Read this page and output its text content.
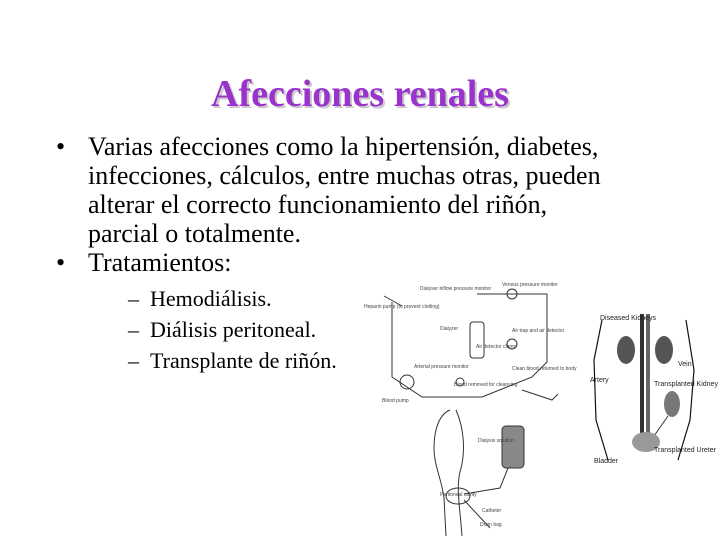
Afecciones renales
• Varias afecciones como la hipertensión, diabetes, infecciones, cálculos, entre muchas otras, pueden alterar el correcto funcionamiento del riñón, parcial o totalmente.
• Tratamientos:
– Hemodiálisis.
– Diálisis peritoneal.
– Transplante de riñón.
Heparin pump (to prevent clotting)
Dialyser inflow pressure monitor
Venous pressure monitor
Dialyzer	Air trap and air detector
Air detector clamp
Arterial pressure monitor
Blood removed for cleansing
Clean blood returned to body
Blood pump
Dialysis solution
Peritoneal cavity
Catheter
Drain bag
Diseased Kidneys
Vein
Artery
Transplanted Kidney
Bladder
Transplanted Ureter
